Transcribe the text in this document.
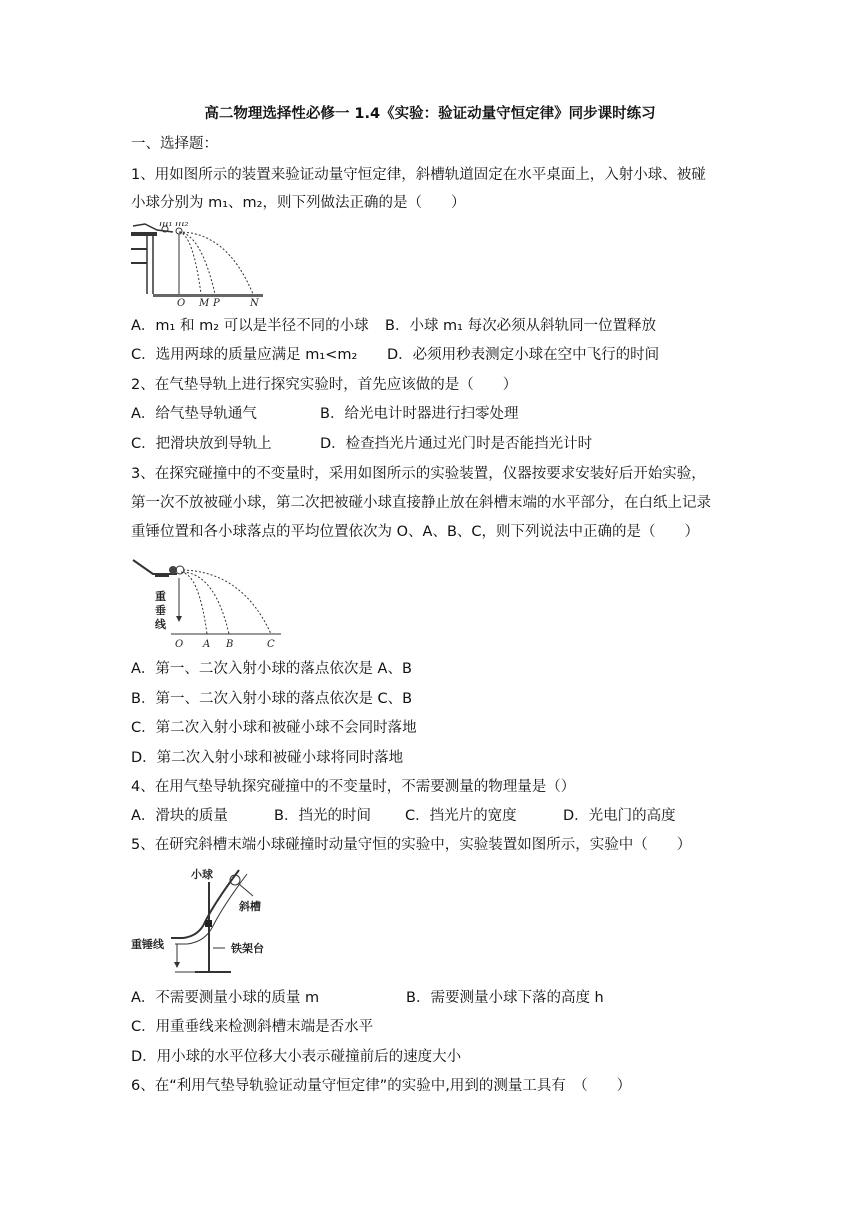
高二物理选择性必修一 1.4《实验：验证动量守恒定律》同步课时练习
一、选择题：
1、用如图所示的装置来验证动量守恒定律，斜槽轨道固定在水平桌面上，入射小球、被碰
小球分别为 m₁、m₂，则下列做法正确的是（　　）
m₁ m₂
O M P	N
A．m₁ 和 m₂ 可以是半径不同的小球 B．小球 m₁ 每次必须从斜轨同一位置释放
C．选用两球的质量应满足 m₁<m₂ D．必须用秒表测定小球在空中飞行的时间
2、在气垫导轨上进行探究实验时，首先应该做的是（　　）
A．给气垫导轨通气	B．给光电计时器进行扫零处理
C．把滑块放到导轨上	D．检查挡光片通过光门时是否能挡光计时
3、在探究碰撞中的不变量时，采用如图所示的实验装置，仪器按要求安装好后开始实验，
第一次不放被碰小球，第二次把被碰小球直接静止放在斜槽末端的水平部分，在白纸上记录
重锤位置和各小球落点的平均位置依次为 O、A、B、C，则下列说法中正确的是（　　）
重
垂
线
O A B	C
A．第一、二次入射小球的落点依次是 A、B
B．第一、二次入射小球的落点依次是 C、B
C．第二次入射小球和被碰小球不会同时落地
D．第二次入射小球和被碰小球将同时落地
4、在用气垫导轨探究碰撞中的不变量时，不需要测量的物理量是（）
A．滑块的质量	B．挡光的时间 C．挡光片的宽度	D．光电门的高度
5、在研究斜槽末端小球碰撞时动量守恒的实验中，实验装置如图所示，实验中（　　）
小球
斜槽
铁架台
重锤线
A．不需要测量小球的质量 m	B．需要测量小球下落的高度 h
C．用重垂线来检测斜槽末端是否水平
D．用小球的水平位移大小表示碰撞前后的速度大小
6、在“利用气垫导轨验证动量守恒定律”的实验中,用到的测量工具有　（　　）
